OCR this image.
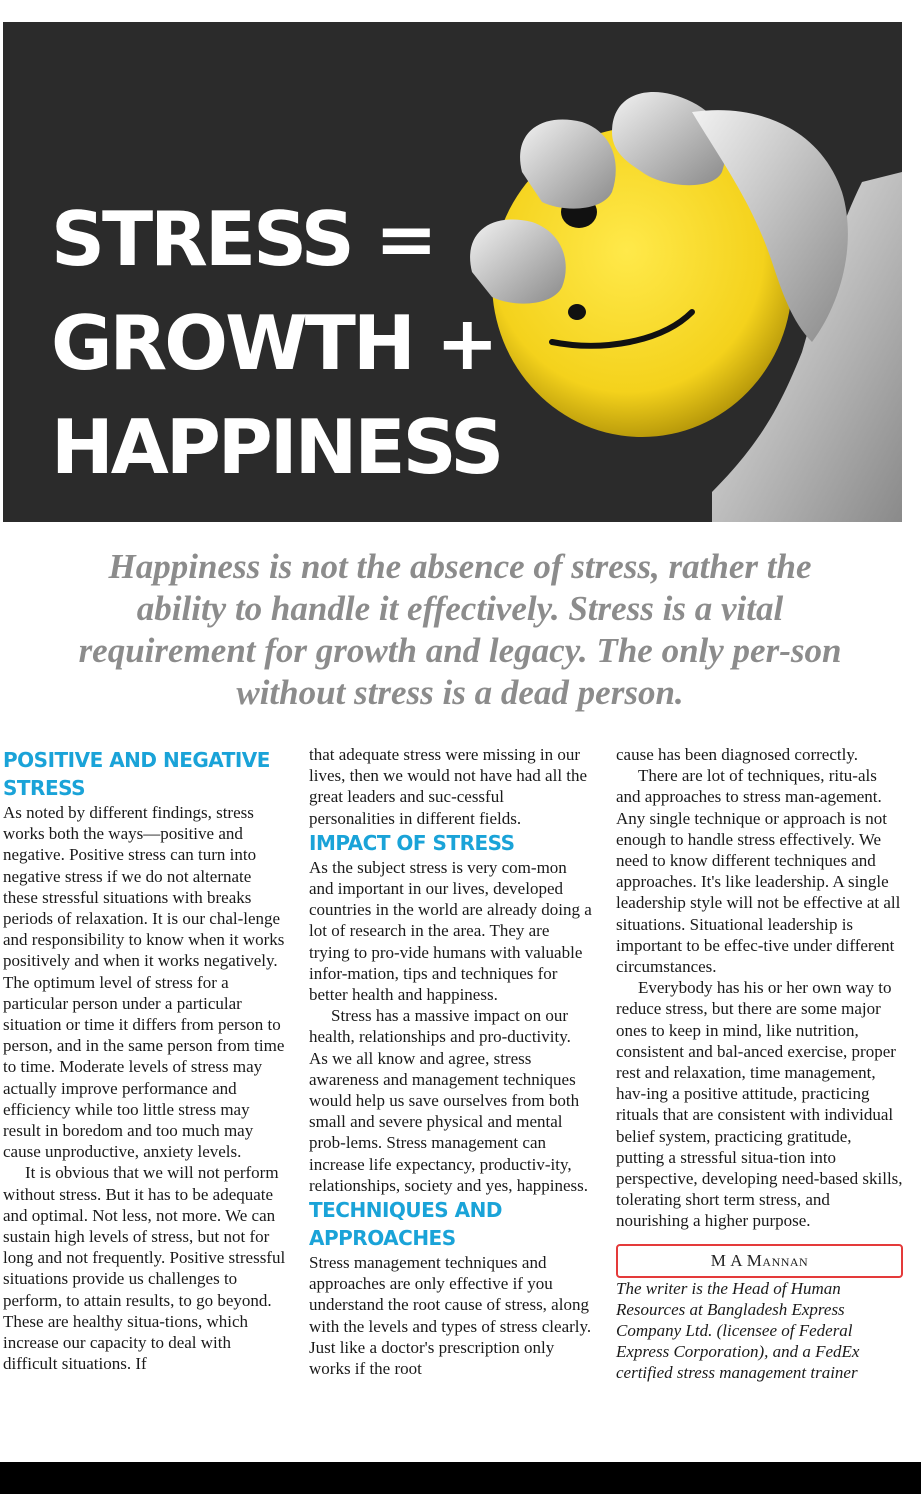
STRESS =
GROWTH +
HAPPINESS

Happiness is not the absence of stress, rather the ability to handle it effectively. Stress is a vital requirement for growth and legacy. The only per-son without stress is a dead person.

POSITIVE AND NEGATIVE STRESS

As noted by different findings, stress works both the ways—positive and negative. Positive stress can turn into negative stress if we do not alternate these stressful situations with breaks periods of relaxation. It is our chal-lenge and responsibility to know when it works positively and when it works negatively. The optimum level of stress for a particular person under a particular situation or time it differs from person to person, and in the same person from time to time. Moderate levels of stress may actually improve performance and efficiency while too little stress may result in boredom and too much may cause unproductive, anxiety levels.

It is obvious that we will not perform without stress. But it has to be adequate and optimal. Not less, not more. We can sustain high levels of stress, but not for long and not frequently. Positive stressful situations provide us challenges to perform, to attain results, to go beyond. These are healthy situa-tions, which increase our capacity to deal with difficult situations. If

that adequate stress were missing in our lives, then we would not have had all the great leaders and suc-cessful personalities in different fields.

IMPACT OF STRESS

As the subject stress is very com-mon and important in our lives, developed countries in the world are already doing a lot of research in the area. They are trying to pro-vide humans with valuable infor-mation, tips and techniques for better health and happiness.

Stress has a massive impact on our health, relationships and pro-ductivity. As we all know and agree, stress awareness and management techniques would help us save ourselves from both small and severe physical and mental prob-lems. Stress management can increase life expectancy, productiv-ity, relationships, society and yes, happiness.

TECHNIQUES AND APPROACHES

Stress management techniques and approaches are only effective if you understand the root cause of stress, along with the levels and types of stress clearly. Just like a doctor's prescription only works if the root

cause has been diagnosed correctly.

There are lot of techniques, ritu-als and approaches to stress man-agement. Any single technique or approach is not enough to handle stress effectively. We need to know different techniques and approaches. It's like leadership. A single leadership style will not be effective at all situations. Situational leadership is important to be effec-tive under different circumstances.

Everybody has his or her own way to reduce stress, but there are some major ones to keep in mind, like nutrition, consistent and bal-anced exercise, proper rest and relaxation, time management, hav-ing a positive attitude, practicing rituals that are consistent with individual belief system, practicing gratitude, putting a stressful situa-tion into perspective, developing need-based skills, tolerating short term stress, and nourishing a higher purpose.

M A Mannan

The writer is the Head of Human Resources at Bangladesh Express Company Ltd. (licensee of Federal Express Corporation), and a FedEx certified stress management trainer
